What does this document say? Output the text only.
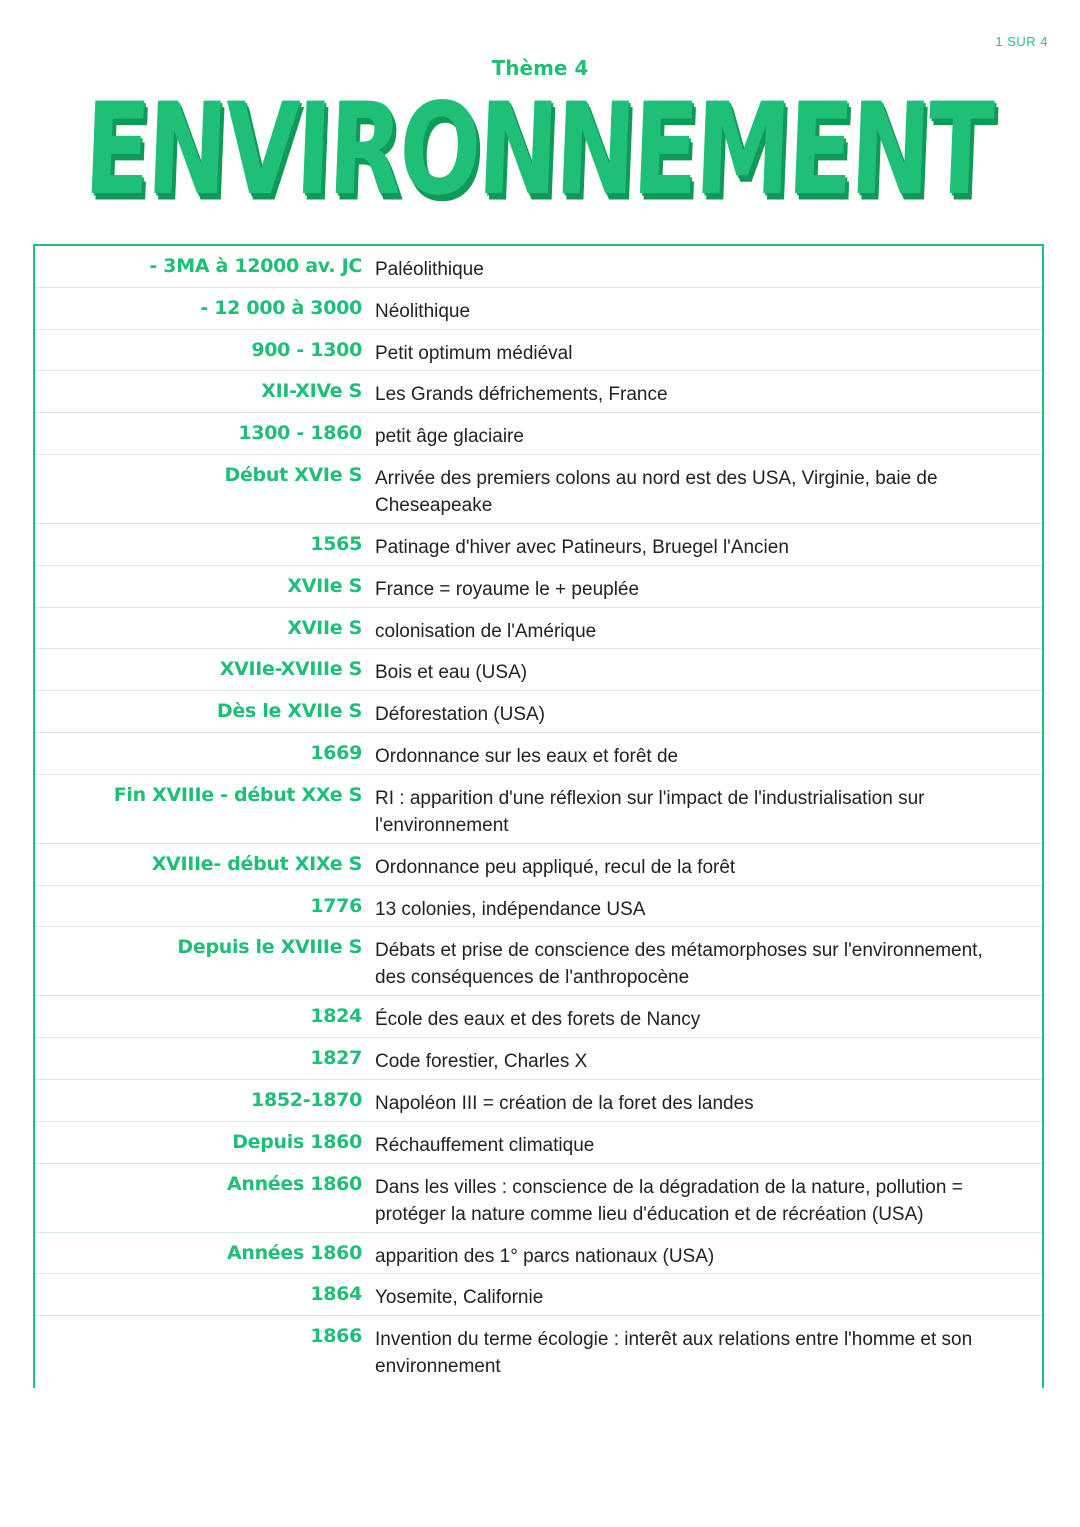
1 SUR 4
Thème 4
ENVIRONNEMENT
- 3MA à 12000 av. JC Paléolithique
- 12 000 à 3000 Néolithique
900 - 1300 Petit optimum médiéval
XII-XIVe S Les Grands défrichements, France
1300 - 1860 petit âge glaciaire
Début XVIe S Arrivée des premiers colons au nord est des USA, Virginie, baie de Cheseapeake
1565 Patinage d'hiver avec Patineurs, Bruegel l'Ancien
XVIIe S France = royaume le + peuplée
XVIIe S colonisation de l'Amérique
XVIIe-XVIIIe S Bois et eau (USA)
Dès le XVIIe S Déforestation (USA)
1669 Ordonnance sur les eaux et forêt de
Fin XVIIIe - début XXe S RI : apparition d'une réflexion sur l'impact de l'industrialisation sur l'environnement
XVIIIe- début XIXe S Ordonnance peu appliqué, recul de la forêt
1776 13 colonies, indépendance USA
Depuis le XVIIIe S Débats et prise de conscience des métamorphoses sur l'environnement, des conséquences de l'anthropocène
1824 École des eaux et des forets de Nancy
1827 Code forestier, Charles X
1852-1870 Napoléon III = création de la foret des landes
Depuis 1860 Réchauffement climatique
Années 1860 Dans les villes : conscience de la dégradation de la nature, pollution = protéger la nature comme lieu d'éducation et de récréation (USA)
Années 1860 apparition des 1° parcs nationaux (USA)
1864 Yosemite, Californie
1866 Invention du terme écologie : interêt aux relations entre l'homme et son environnement
